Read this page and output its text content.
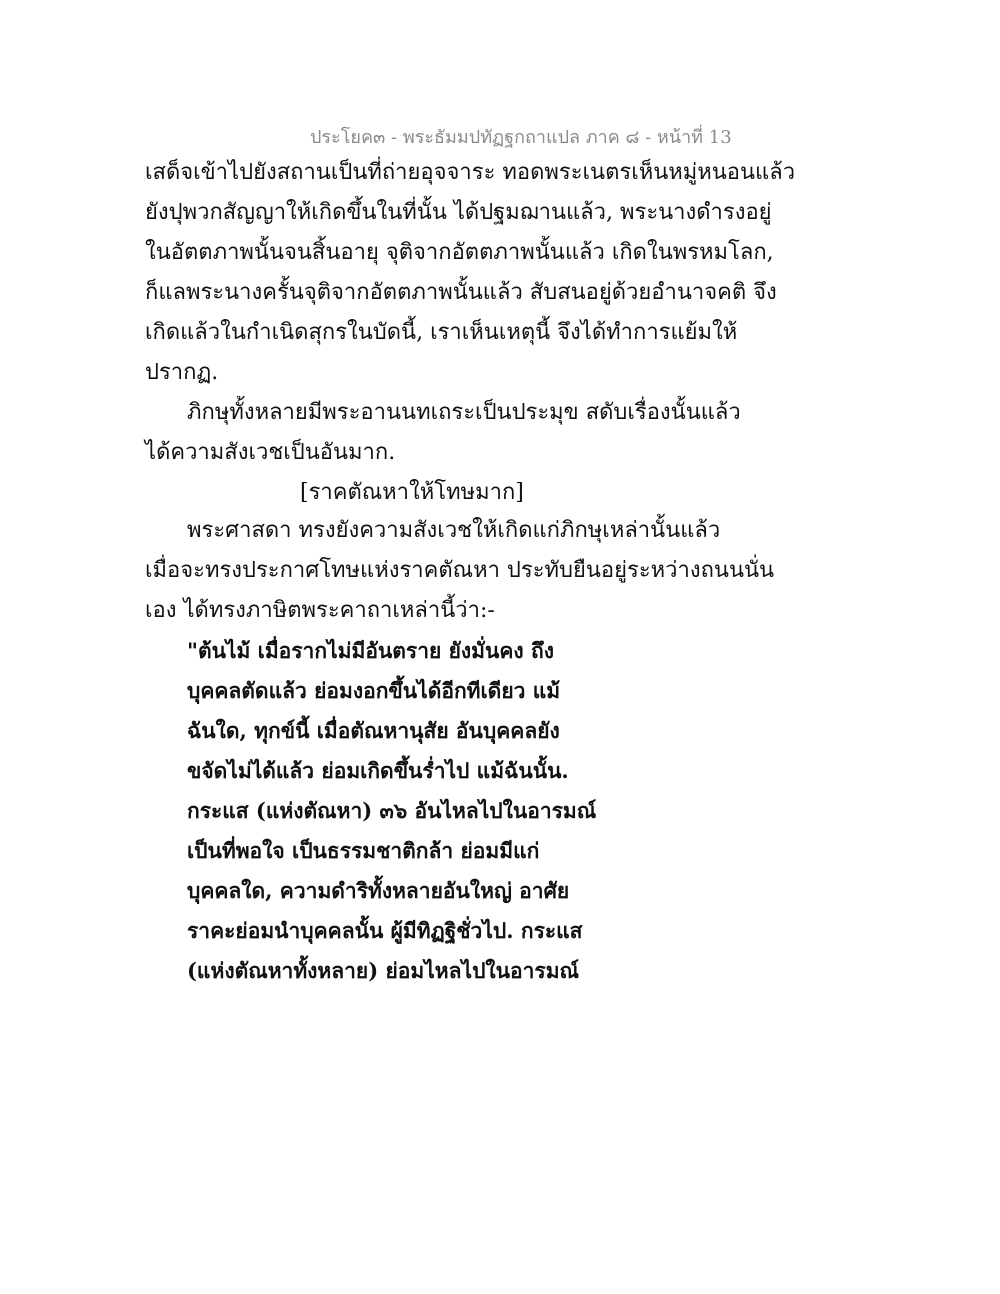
ประโยค๓ - พระธัมมปทัฏฐกถาแปล ภาค ๘ - หน้าที่ 13
เสด็จเข้าไปยังสถานเป็นที่ถ่ายอุจจาระ ทอดพระเนตรเห็นหมู่หนอนแล้ว
ยังปุพวกสัญญาให้เกิดขึ้นในที่นั้น ได้ปฐมฌานแล้ว, พระนางดำรงอยู่
ในอัตตภาพนั้นจนสิ้นอายุ จุติจากอัตตภาพนั้นแล้ว เกิดในพรหมโลก,
ก็แลพระนางครั้นจุติจากอัตตภาพนั้นแล้ว สับสนอยู่ด้วยอำนาจคติ จึง
เกิดแล้วในกำเนิดสุกรในบัดนี้, เราเห็นเหตุนี้ จึงได้ทำการแย้มให้
ปรากฏ.
ภิกษุทั้งหลายมีพระอานนทเถระเป็นประมุข สดับเรื่องนั้นแล้ว
ได้ความสังเวชเป็นอันมาก.
[ราคตัณหาให้โทษมาก]
พระศาสดา ทรงยังความสังเวชให้เกิดแก่ภิกษุเหล่านั้นแล้ว
เมื่อจะทรงประกาศโทษแห่งราคตัณหา ประทับยืนอยู่ระหว่างถนนนั่น
เอง ได้ทรงภาษิตพระคาถาเหล่านี้ว่า:-
"ต้นไม้ เมื่อรากไม่มีอันตราย ยังมั่นคง ถึง
บุคคลตัดแล้ว ย่อมงอกขึ้นได้อีกทีเดียว แม้
ฉันใด, ทุกข์นี้ เมื่อตัณหานุสัย อันบุคคลยัง
ขจัดไม่ได้แล้ว ย่อมเกิดขึ้นร่ำไป แม้ฉันนั้น.
กระแส (แห่งตัณหา) ๓๖ อันไหลไปในอารมณ์
เป็นที่พอใจ เป็นธรรมชาติกล้า ย่อมมีแก่
บุคคลใด, ความดำริทั้งหลายอันใหญ่ อาศัย
ราคะย่อมนำบุคคลนั้น ผู้มีทิฏฐิชั่วไป. กระแส
(แห่งตัณหาทั้งหลาย) ย่อมไหลไปในอารมณ์
